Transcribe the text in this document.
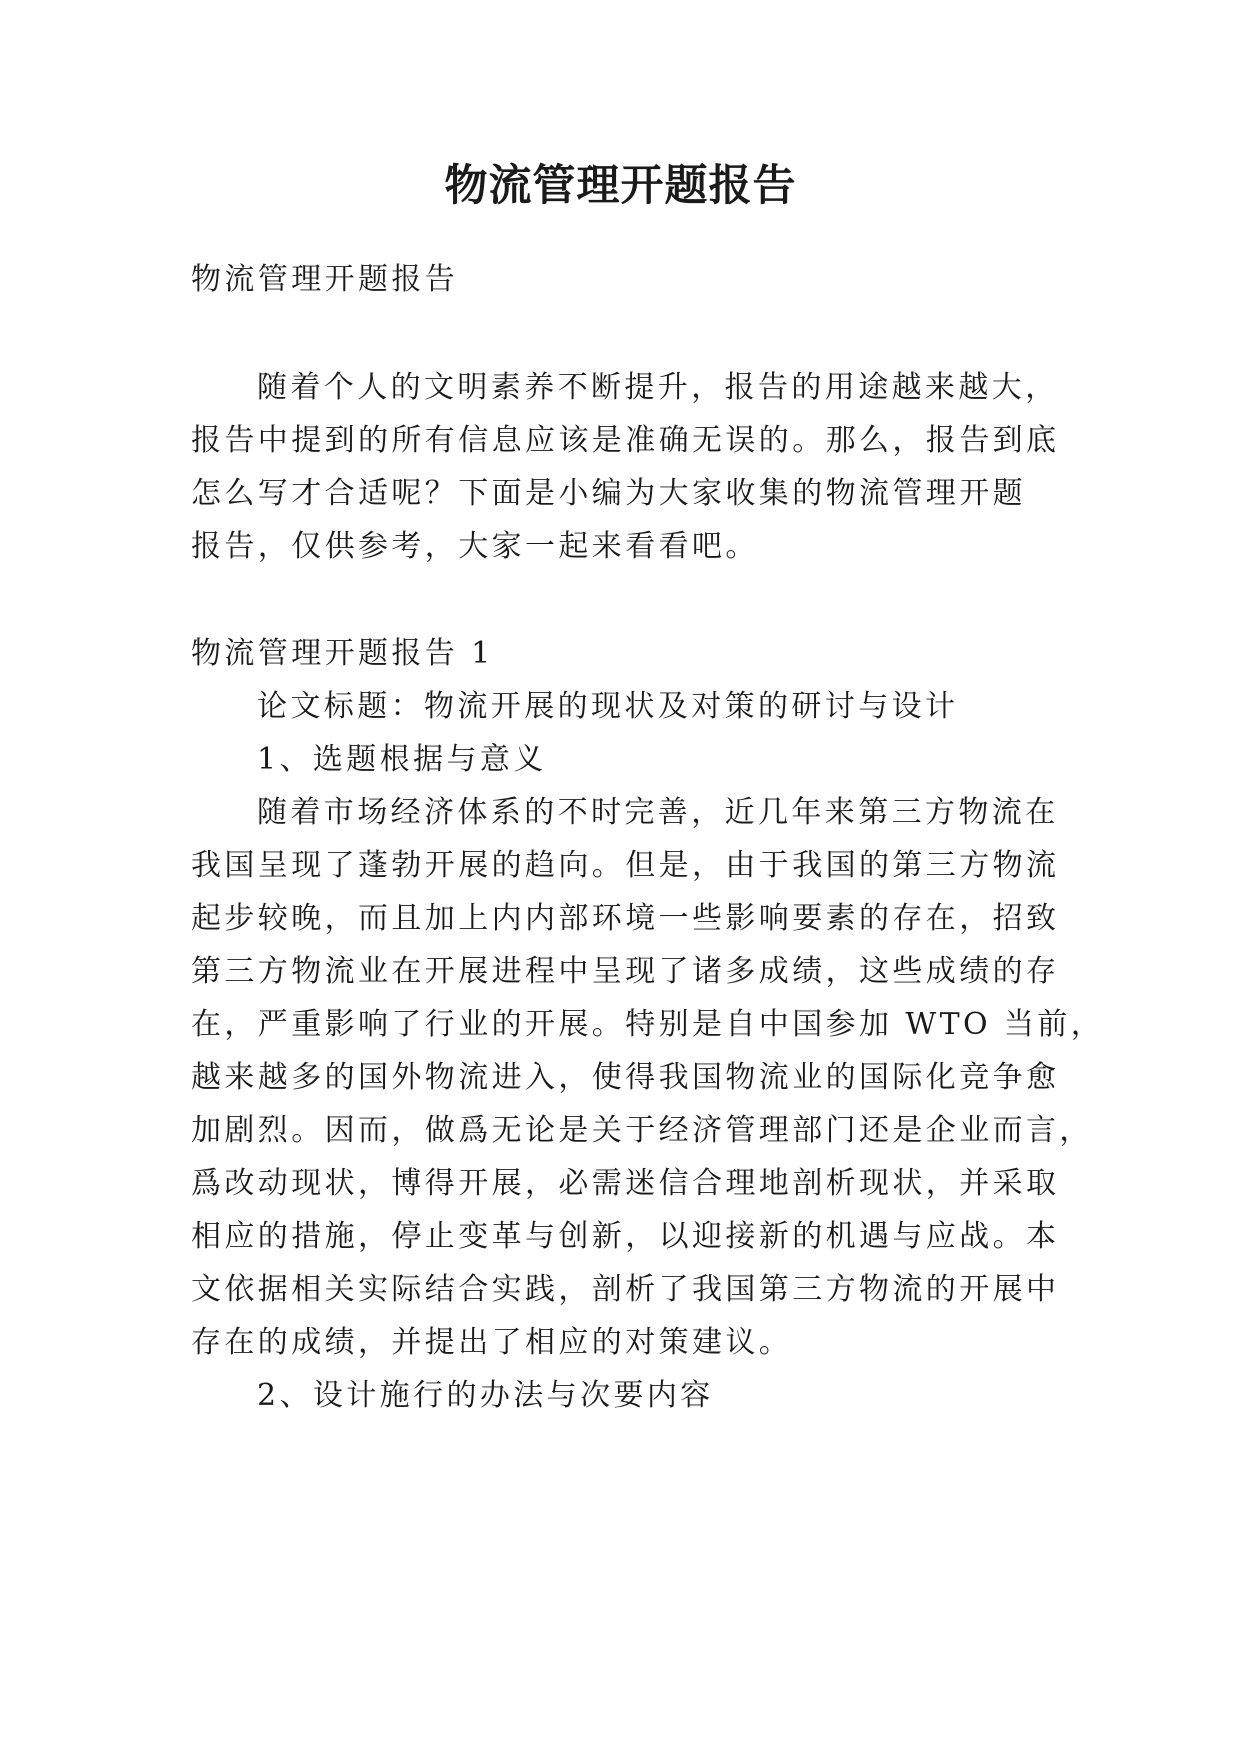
物流管理开题报告
物流管理开题报告
随着个人的文明素养不断提升，报告的用途越来越大，
报告中提到的所有信息应该是准确无误的。那么，报告到底
怎么写才合适呢？下面是小编为大家收集的物流管理开题
报告，仅供参考，大家一起来看看吧。
物流管理开题报告 1
论文标题：物流开展的现状及对策的研讨与设计
1、选题根据与意义
随着市场经济体系的不时完善，近几年来第三方物流在
我国呈现了蓬勃开展的趋向。但是，由于我国的第三方物流
起步较晚，而且加上内内部环境一些影响要素的存在，招致
第三方物流业在开展进程中呈现了诸多成绩，这些成绩的存
在，严重影响了行业的开展。特别是自中国参加 WTO 当前，
越来越多的国外物流进入，使得我国物流业的国际化竞争愈
加剧烈。因而，做爲无论是关于经济管理部门还是企业而言，
爲改动现状，博得开展，必需迷信合理地剖析现状，并采取
相应的措施，停止变革与创新，以迎接新的机遇与应战。本
文依据相关实际结合实践，剖析了我国第三方物流的开展中
存在的成绩，并提出了相应的对策建议。
2、设计施行的办法与次要内容
